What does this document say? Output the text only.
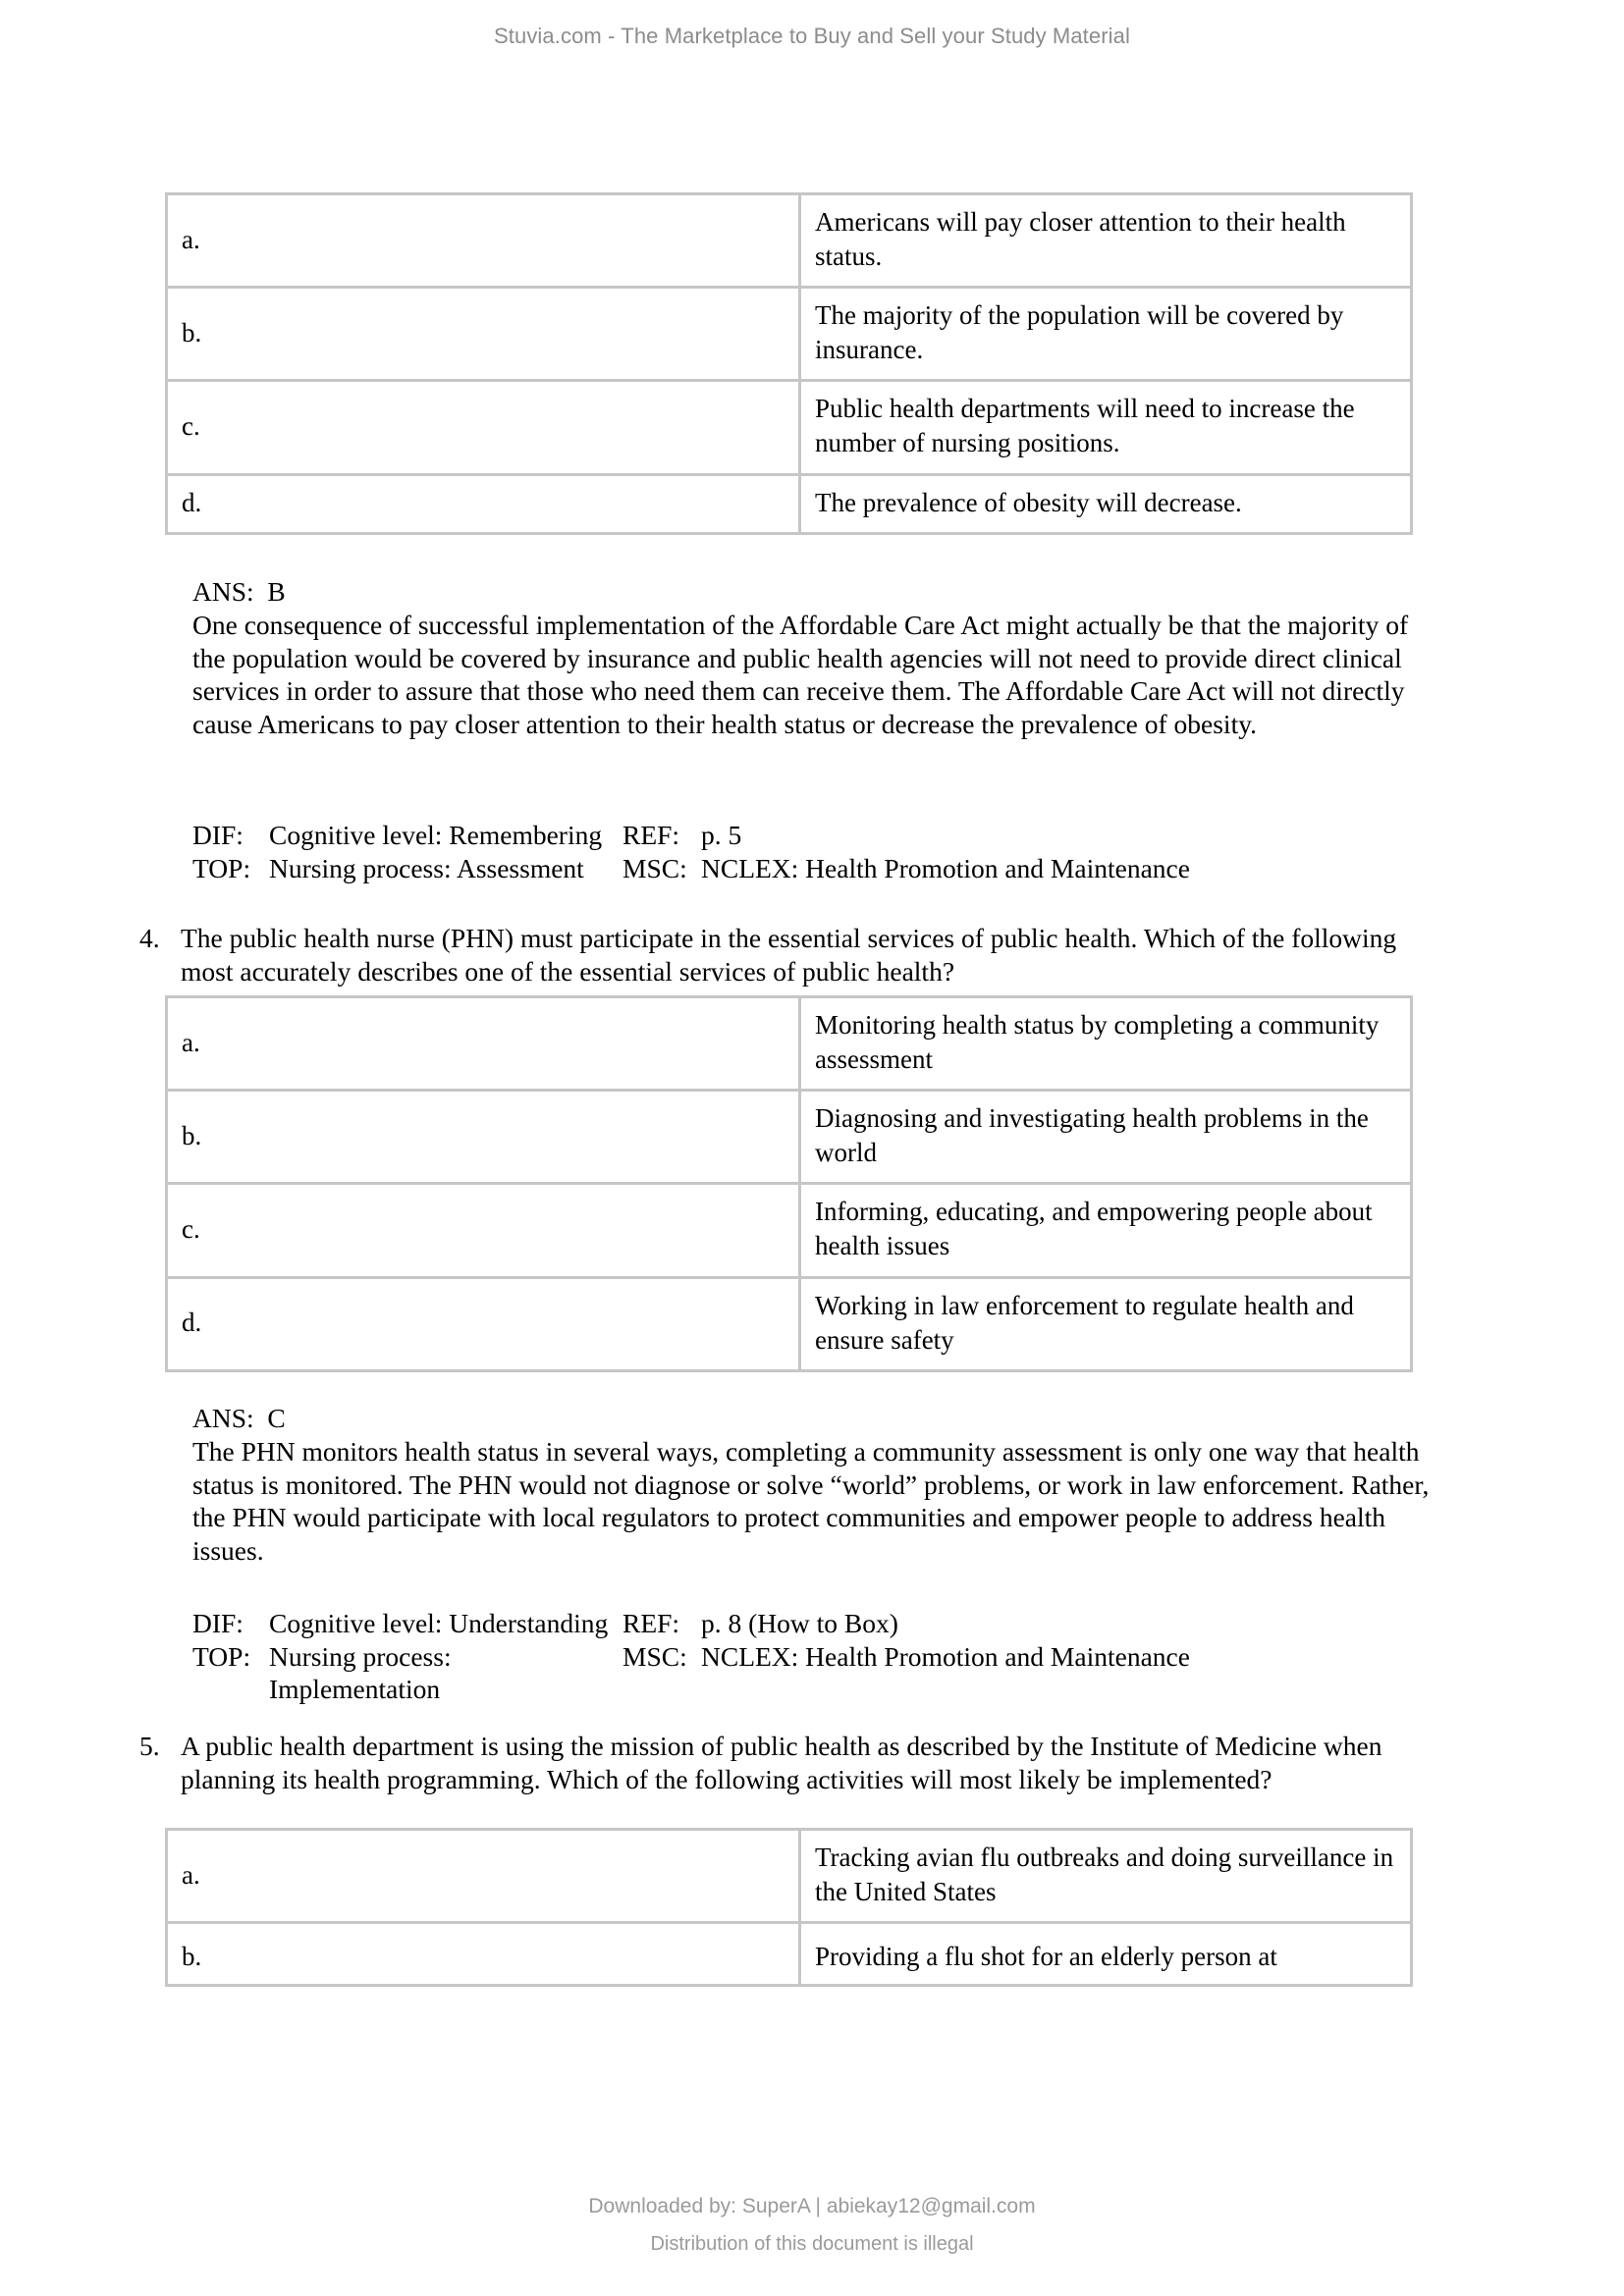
Stuvia.com - The Marketplace to Buy and Sell your Study Material
a.	Americans will pay closer attention to their health status.
b.	The majority of the population will be covered by insurance.
c.	Public health departments will need to increase the number of nursing positions.
d.	The prevalence of obesity will decrease.
ANS:  B
One consequence of successful implementation of the Affordable Care Act might actually be that the majority of the population would be covered by insurance and public health agencies will not need to provide direct clinical services in order to assure that those who need them can receive them. The Affordable Care Act will not directly cause Americans to pay closer attention to their health status or decrease the prevalence of obesity.
DIF: Cognitive level: Remembering REF: p. 5
TOP: Nursing process: Assessment	MSC: NCLEX: Health Promotion and Maintenance
4. The public health nurse (PHN) must participate in the essential services of public health. Which of the following most accurately describes one of the essential services of public health?
a.	Monitoring health status by completing a community assessment
b.	Diagnosing and investigating health problems in the world
c.	Informing, educating, and empowering people about health issues
d.	Working in law enforcement to regulate health and ensure safety
ANS:  C
The PHN monitors health status in several ways, completing a community assessment is only one way that health status is monitored. The PHN would not diagnose or solve “world” problems, or work in law enforcement. Rather, the PHN would participate with local regulators to protect communities and empower people to address health issues.
DIF: Cognitive level: Understanding REF: p. 8 (How to Box)
TOP: Nursing process: Implementation
MSC: NCLEX: Health Promotion and Maintenance
5. A public health department is using the mission of public health as described by the Institute of Medicine when planning its health programming. Which of the following activities will most likely be implemented?
a.	Tracking avian flu outbreaks and doing surveillance in the United States
b.	Providing a flu shot for an elderly person at
Downloaded by: SuperA | abiekay12@gmail.com
Distribution of this document is illegal
